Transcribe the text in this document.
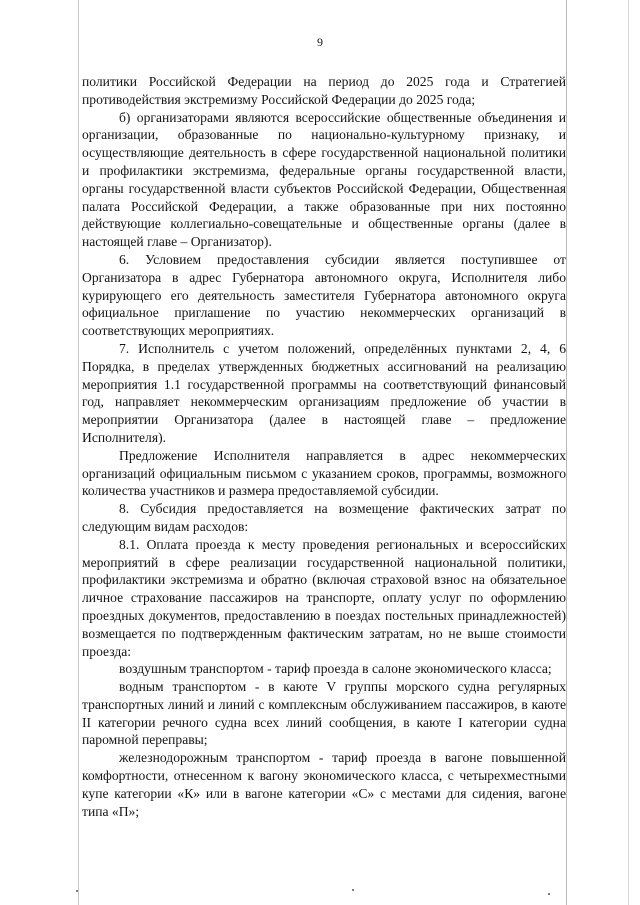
9

политики Российской Федерации на период до 2025 года и Стратегией противодействия экстремизму Российской Федерации до 2025 года;

б) организаторами являются всероссийские общественные объединения и организации, образованные по национально-культурному признаку, и осуществляющие деятельность в сфере государственной национальной политики и профилактики экстремизма, федеральные органы государственной власти, органы государственной власти субъектов Российской Федерации, Общественная палата Российской Федерации, а также образованные при них постоянно действующие коллегиально-совещательные и общественные органы (далее в настоящей главе – Организатор).

6. Условием предоставления субсидии является поступившее от Организатора в адрес Губернатора автономного округа, Исполнителя либо курирующего его деятельность заместителя Губернатора автономного округа официальное приглашение по участию некоммерческих организаций в соответствующих мероприятиях.

7. Исполнитель с учетом положений, определённых пунктами 2, 4, 6 Порядка, в пределах утвержденных бюджетных ассигнований на реализацию мероприятия 1.1 государственной программы на соответствующий финансовый год, направляет некоммерческим организациям предложение об участии в мероприятии Организатора (далее в настоящей главе – предложение Исполнителя).

Предложение Исполнителя направляется в адрес некоммерческих организаций официальным письмом с указанием сроков, программы, возможного количества участников и размера предоставляемой субсидии.

8. Субсидия предоставляется на возмещение фактических затрат по следующим видам расходов:

8.1. Оплата проезда к месту проведения региональных и всероссийских мероприятий в сфере реализации государственной национальной политики, профилактики экстремизма и обратно (включая страховой взнос на обязательное личное страхование пассажиров на транспорте, оплату услуг по оформлению проездных документов, предоставлению в поездах постельных принадлежностей) возмещается по подтвержденным фактическим затратам, но не выше стоимости проезда:

воздушным транспортом - тариф проезда в салоне экономического класса;

водным транспортом - в каюте V группы морского судна регулярных транспортных линий и линий с комплексным обслуживанием пассажиров, в каюте II категории речного судна всех линий сообщения, в каюте I категории судна паромной переправы;

железнодорожным транспортом - тариф проезда в вагоне повышенной комфортности, отнесенном к вагону экономического класса, с четырехместными купе категории «К» или в вагоне категории «С» с местами для сидения, вагоне типа «П»;
